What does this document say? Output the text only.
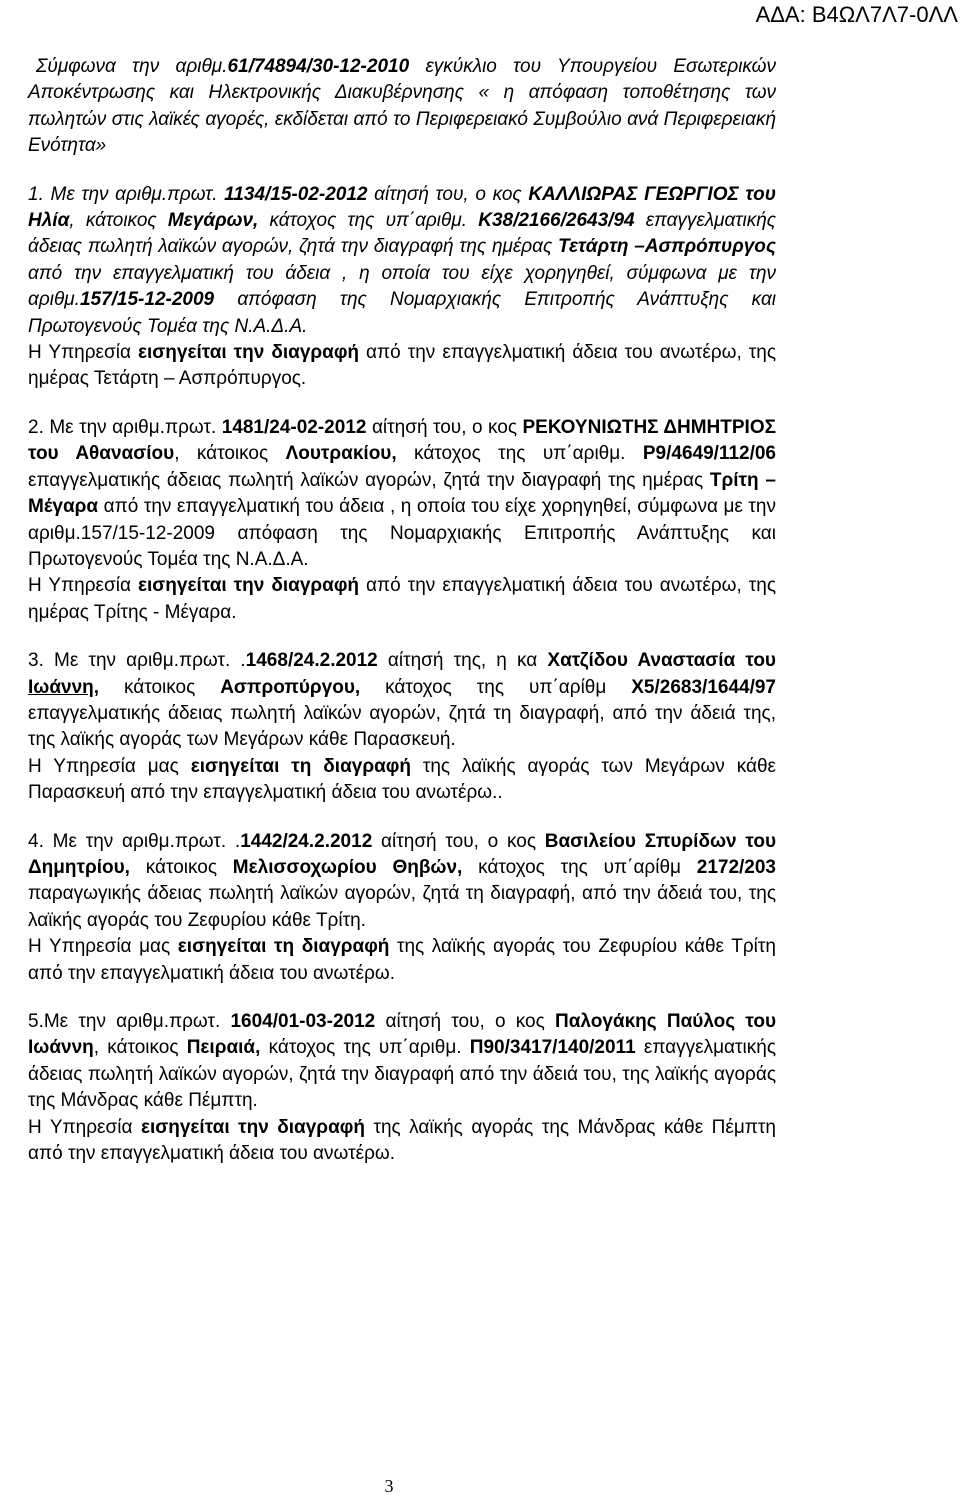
ΑΔΑ: Β4ΩΛ7Λ7-0ΛΛ

Σύμφωνα την αριθμ.61/74894/30-12-2010 εγκύκλιο του Υπουργείου Εσωτερικών Αποκέντρωσης και Ηλεκτρονικής Διακυβέρνησης « η απόφαση τοποθέτησης των πωλητών στις λαϊκές αγορές, εκδίδεται από το Περιφερειακό Συμβούλιο ανά Περιφερειακή Ενότητα»

1. Με την αριθμ.πρωτ. 1134/15-02-2012 αίτησή του, ο κος ΚΑΛΛΙΩΡΑΣ ΓΕΩΡΓΙΟΣ του Ηλία, κάτοικος Μεγάρων, κάτοχος της υπ΄αριθμ. Κ38/2166/2643/94 επαγγελματικής άδειας πωλητή λαϊκών αγορών, ζητά την διαγραφή της ημέρας Τετάρτη –Ασπρόπυργος από την επαγγελματική του άδεια , η οποία του είχε χορηγηθεί, σύμφωνα με την αριθμ.157/15-12-2009 απόφαση της Νομαρχιακής Επιτροπής Ανάπτυξης και Πρωτογενούς Τομέα της Ν.Α.Δ.Α.

Η Υπηρεσία εισηγείται την διαγραφή από την επαγγελματική άδεια του ανωτέρω, της ημέρας Τετάρτη – Ασπρόπυργος.

2. Με την αριθμ.πρωτ. 1481/24-02-2012 αίτησή του, ο κος ΡΕΚΟΥΝΙΩΤΗΣ ΔΗΜΗΤΡΙΟΣ του Αθανασίου, κάτοικος Λουτρακίου, κάτοχος της υπ΄αριθμ. Ρ9/4649/112/06 επαγγελματικής άδειας πωλητή λαϊκών αγορών, ζητά την διαγραφή της ημέρας Τρίτη –Μέγαρα από την επαγγελματική του άδεια , η οποία του είχε χορηγηθεί, σύμφωνα με την αριθμ.157/15-12-2009 απόφαση της Νομαρχιακής Επιτροπής Ανάπτυξης και Πρωτογενούς Τομέα της Ν.Α.Δ.Α.

Η Υπηρεσία εισηγείται την διαγραφή από την επαγγελματική άδεια του ανωτέρω, της ημέρας Τρίτης - Μέγαρα.

3. Με την αριθμ.πρωτ. .1468/24.2.2012 αίτησή της, η κα Χατζίδου Αναστασία του Ιωάννη, κάτοικος Ασπροπύργου, κάτοχος της υπ΄αρίθμ Χ5/2683/1644/97 επαγγελματικής άδειας πωλητή λαϊκών αγορών, ζητά τη διαγραφή, από την άδειά της, της λαϊκής αγοράς των Μεγάρων κάθε Παρασκευή.

Η Υπηρεσία μας εισηγείται τη διαγραφή της λαϊκής αγοράς των Μεγάρων κάθε Παρασκευή από την επαγγελματική άδεια του ανωτέρω..

4. Με την αριθμ.πρωτ. .1442/24.2.2012 αίτησή του, ο κος Βασιλείου Σπυρίδων του Δημητρίου, κάτοικος Μελισσοχωρίου Θηβών, κάτοχος της υπ΄αρίθμ 2172/203 παραγωγικής άδειας πωλητή λαϊκών αγορών, ζητά τη διαγραφή, από την άδειά του, της λαϊκής αγοράς του Ζεφυρίου κάθε Τρίτη.

Η Υπηρεσία μας εισηγείται τη διαγραφή της λαϊκής αγοράς του Ζεφυρίου κάθε Τρίτη από την επαγγελματική άδεια του ανωτέρω.

5.Με την αριθμ.πρωτ. 1604/01-03-2012 αίτησή του, ο κος Παλογάκης Παύλος του Ιωάννη, κάτοικος Πειραιά, κάτοχος της υπ΄αριθμ. Π90/3417/140/2011 επαγγελματικής άδειας πωλητή λαϊκών αγορών, ζητά την διαγραφή από την άδειά του, της λαϊκής αγοράς της Μάνδρας κάθε Πέμπτη.

Η Υπηρεσία εισηγείται την διαγραφή της λαϊκής αγοράς της Μάνδρας κάθε Πέμπτη από την επαγγελματική άδεια του ανωτέρω.

3
